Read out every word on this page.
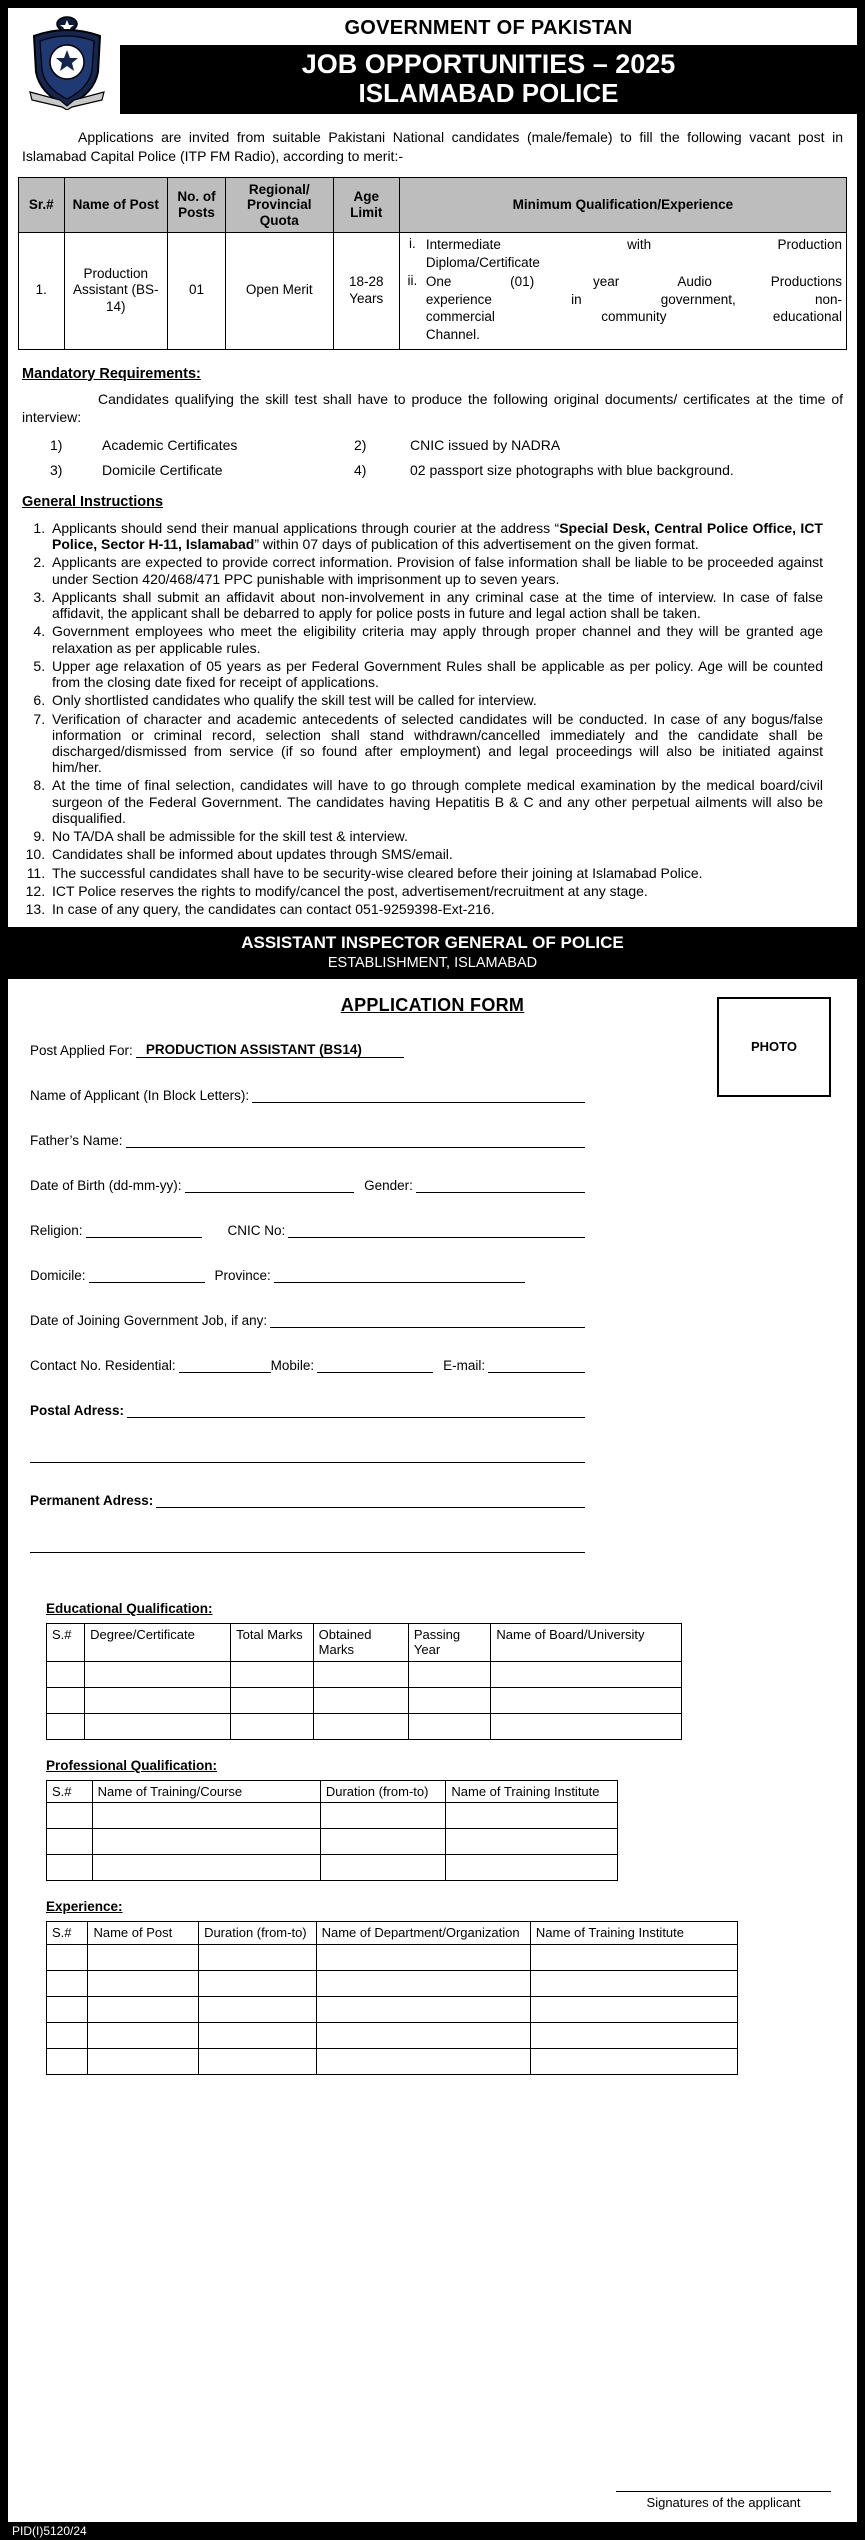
GOVERNMENT OF PAKISTAN
JOB OPPORTUNITIES – 2025
ISLAMABAD POLICE

Applications are invited from suitable Pakistani National candidates (male/female) to fill the following vacant post in Islamabad Capital Police (ITP FM Radio), according to merit:-

Sr.#	Name of Post	No. of Posts	Regional/ Provincial Quota	Age Limit	Minimum Qualification/Experience
1.	Production Assistant (BS-14)	01	Open Merit	18-28 Years	
i. Intermediate with Production
Diploma/Certificate
ii. One (01) year Audio Productions
experience in government, non-
commercial community educational
Channel.
Mandatory Requirements:

Candidates qualifying the skill test shall have to produce the following original documents/ certificates at the time of interview:

1)	Academic Certificates	2)	CNIC issued by NADRA
3)	Domicile Certificate	4)	02 passport size photographs with blue background.
General Instructions
1. Applicants should send their manual applications through courier at the address “Special Desk, Central Police Office, ICT Police, Sector H-11, Islamabad” within 07 days of publication of this advertisement on the given format.
2. Applicants are expected to provide correct information. Provision of false information shall be liable to be proceeded against under Section 420/468/471 PPC punishable with imprisonment up to seven years.
3. Applicants shall submit an affidavit about non-involvement in any criminal case at the time of interview. In case of false affidavit, the applicant shall be debarred to apply for police posts in future and legal action shall be taken.
4. Government employees who meet the eligibility criteria may apply through proper channel and they will be granted age relaxation as per applicable rules.
5. Upper age relaxation of 05 years as per Federal Government Rules shall be applicable as per policy. Age will be counted from the closing date fixed for receipt of applications.
6. Only shortlisted candidates who qualify the skill test will be called for interview.
7. Verification of character and academic antecedents of selected candidates will be conducted. In case of any bogus/false information or criminal record, selection shall stand withdrawn/cancelled immediately and the candidate shall be discharged/dismissed from service (if so found after employment) and legal proceedings will also be initiated against him/her.
8. At the time of final selection, candidates will have to go through complete medical examination by the medical board/civil surgeon of the Federal Government. The candidates having Hepatitis B & C and any other perpetual ailments will also be disqualified.
9. No TA/DA shall be admissible for the skill test & interview.
10. Candidates shall be informed about updates through SMS/email.
11. The successful candidates shall have to be security-wise cleared before their joining at Islamabad Police.
12. ICT Police reserves the rights to modify/cancel the post, advertisement/recruitment at any stage.
13. In case of any query, the candidates can contact 051-9259398-Ext-216.
ASSISTANT INSPECTOR GENERAL OF POLICE
ESTABLISHMENT, ISLAMABAD
APPLICATION FORM
PHOTO
Post Applied For: PRODUCTION ASSISTANT (BS14)
Name of Applicant (In Block Letters):
Father’s Name:
Date of Birth (dd-mm-yy):	Gender:
Religion:	CNIC No:
Domicile:	Province:
Date of Joining Government Job, if any:
Contact No. Residential:	Mobile:	E-mail:
Postal Adress:
Permanent Adress:
Educational Qualification:
S.#	Degree/Certificate	Total Marks	Obtained Marks	Passing Year	Name of Board/University

Professional Qualification:
S.#	Name of Training/Course	Duration (from-to)	Name of Training Institute

Experience:
S.#	Name of Post	Duration (from-to)	Name of Department/Organization	Name of Training Institute

Signatures of the applicant
PID(I)5120/24
